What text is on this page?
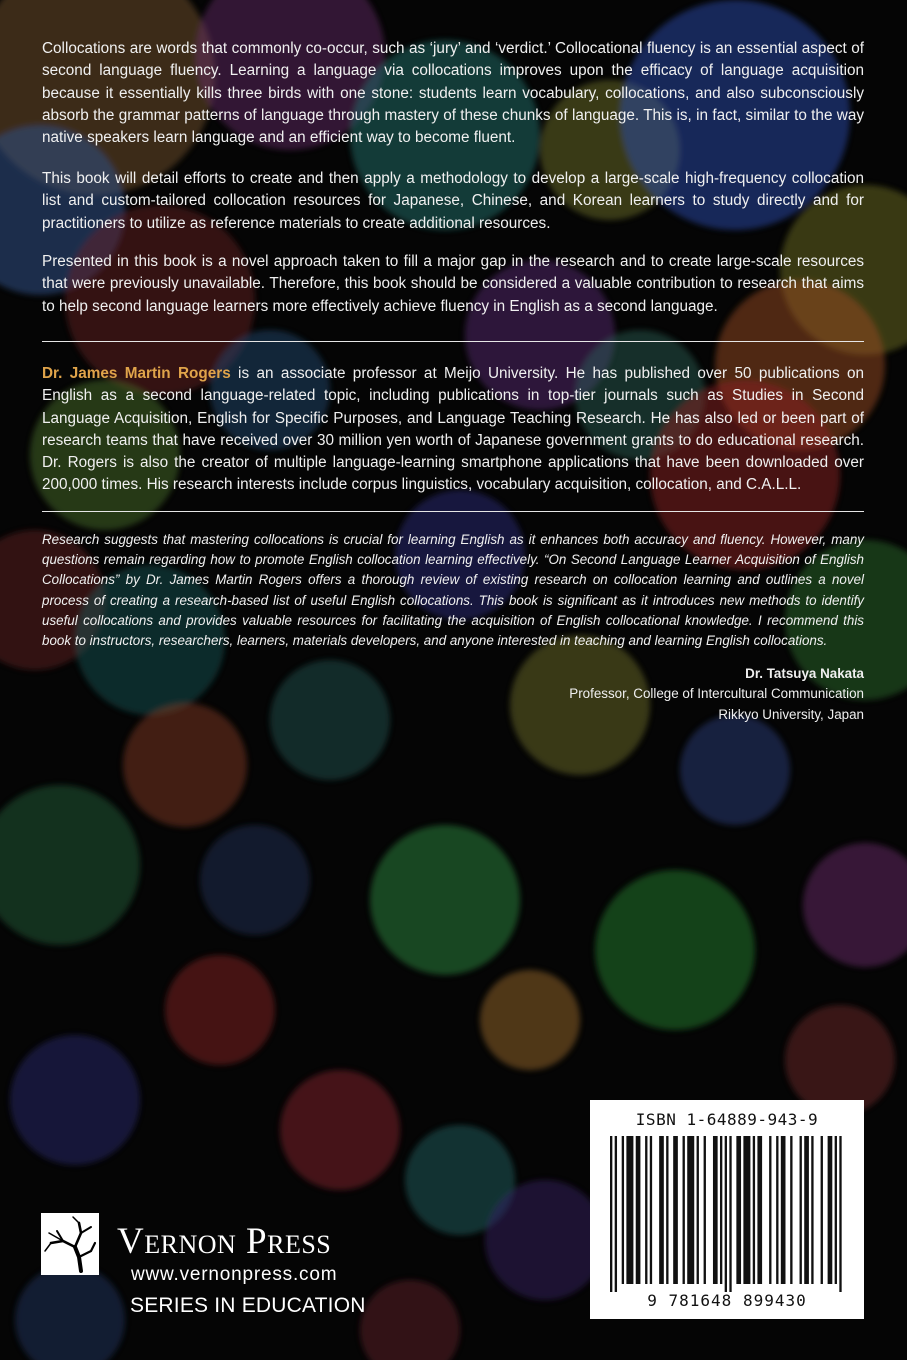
Collocations are words that commonly co-occur, such as ‘jury’ and ‘verdict.’ Collocational fluency is an essential aspect of second language fluency. Learning a language via collocations improves upon the efficacy of language acquisition because it essentially kills three birds with one stone: students learn vocabulary, collocations, and also subconsciously absorb the grammar patterns of language through mastery of these chunks of language. This is, in fact, similar to the way native speakers learn language and an efficient way to become fluent.

This book will detail efforts to create and then apply a methodology to develop a large-scale high-frequency collocation list and custom-tailored collocation resources for Japanese, Chinese, and Korean learners to study directly and for practitioners to utilize as reference materials to create additional resources.

Presented in this book is a novel approach taken to fill a major gap in the research and to create large-scale resources that were previously unavailable. Therefore, this book should be considered a valuable contribution to research that aims to help second language learners more effectively achieve fluency in English as a second language.

Dr. James Martin Rogers is an associate professor at Meijo University. He has published over 50 publications on English as a second language-related topic, including publications in top-tier journals such as Studies in Second Language Acquisition, English for Specific Purposes, and Language Teaching Research. He has also led or been part of research teams that have received over 30 million yen worth of Japanese government grants to do educational research. Dr. Rogers is also the creator of multiple language-learning smartphone applications that have been downloaded over 200,000 times. His research interests include corpus linguistics, vocabulary acquisition, collocation, and C.A.L.L.

Research suggests that mastering collocations is crucial for learning English as it enhances both accuracy and fluency. However, many questions remain regarding how to promote English collocation learning effectively. “On Second Language Learner Acquisition of English Collocations” by Dr. James Martin Rogers offers a thorough review of existing research on collocation learning and outlines a novel process of creating a research-based list of useful English collocations. This book is significant as it introduces new methods to identify useful collocations and provides valuable resources for facilitating the acquisition of English collocational knowledge. I recommend this book to instructors, researchers, learners, materials developers, and anyone interested in teaching and learning English collocations.

Dr. Tatsuya Nakata
Professor, College of Intercultural Communication
Rikkyo University, Japan
ISBN 1-64889-943-9
9 781648 899430
Vernon Press
www.vernonpress.com
SERIES IN EDUCATION
